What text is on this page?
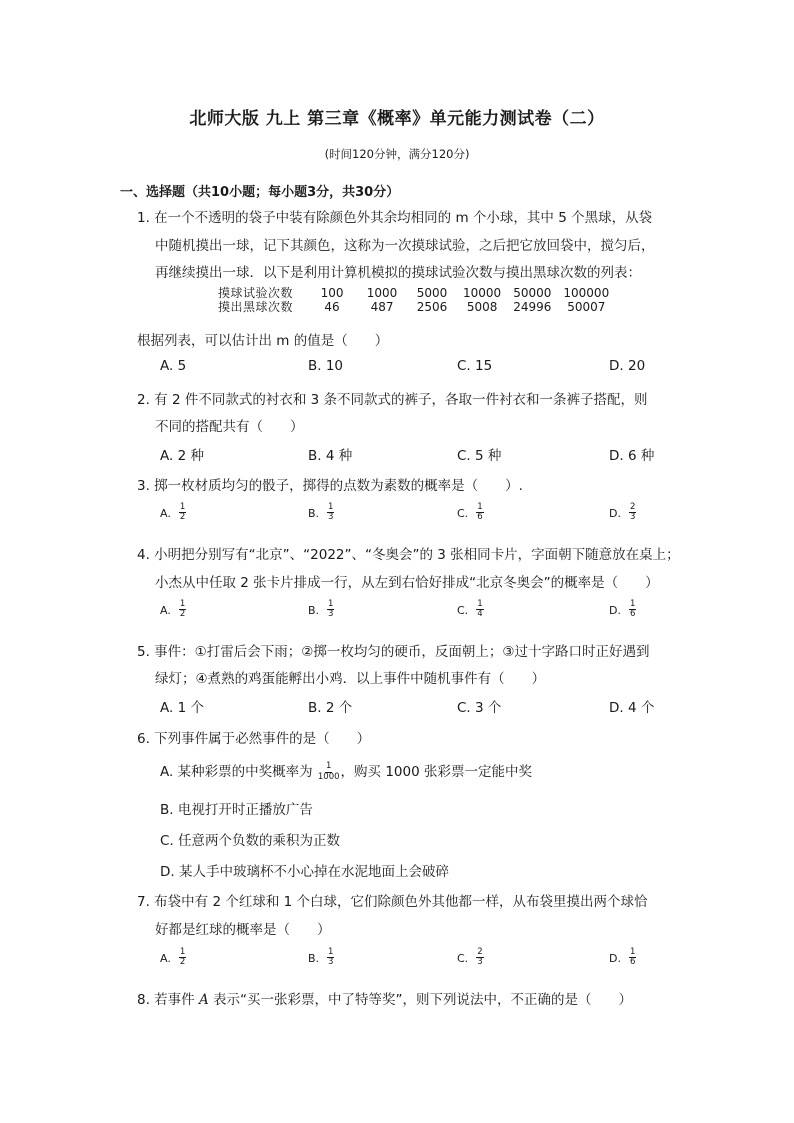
北师大版 九上 第三章《概率》单元能力测试卷（二）
(时间120分钟，满分120分)
一、选择题（共10小题；每小题3分，共30分）
1. 在一个不透明的袋子中装有除颜色外其余均相同的 m 个小球，其中 5 个黑球，从袋
中随机摸出一球，记下其颜色，这称为一次摸球试验，之后把它放回袋中，搅匀后，
再继续摸出一球．以下是利用计算机模拟的摸球试验次数与摸出黑球次数的列表：
摸球试验次数	100	1000	5000	10000	50000	100000
摸出黑球次数	46	487	2506	5008	24996	50007
根据列表，可以估计出 m 的值是（　　）
A. 5	B. 10	C. 15	D. 20
2. 有 2 件不同款式的衬衣和 3 条不同款式的裤子，各取一件衬衣和一条裤子搭配，则
不同的搭配共有（　　）
A. 2 种	B. 4 种	C. 5 种	D. 6 种
3. 掷一枚材质均匀的骰子，掷得的点数为素数的概率是（　　）.
A. $\frac{1}{2}$	B. $\frac{1}{3}$	C. $\frac{1}{6}$	D. $\frac{2}{3}$
4. 小明把分别写有“北京”、“2022”、“冬奥会”的 3 张相同卡片，字面朝下随意放在桌上；
小杰从中任取 2 张卡片排成一行，从左到右恰好排成“北京冬奥会”的概率是（　　）
A. $\frac{1}{2}$	B. $\frac{1}{3}$	C. $\frac{1}{4}$	D. $\frac{1}{6}$
5. 事件：①打雷后会下雨；②掷一枚均匀的硬币，反面朝上；③过十字路口时正好遇到
绿灯；④煮熟的鸡蛋能孵出小鸡．以上事件中随机事件有（　　）
A. 1 个	B. 2 个	C. 3 个	D. 4 个
6. 下列事件属于必然事件的是（　　）
A. 某种彩票的中奖概率为 $\frac{1}{1000}$ ，购买 1000 张彩票一定能中奖
B. 电视打开时正播放广告
C. 任意两个负数的乘积为正数
D. 某人手中玻璃杯不小心掉在水泥地面上会破碎
7. 布袋中有 2 个红球和 1 个白球，它们除颜色外其他都一样，从布袋里摸出两个球恰
好都是红球的概率是（　　）
A. $\frac{1}{2}$	B. $\frac{1}{3}$	C. $\frac{2}{3}$	D. $\frac{1}{6}$
8. 若事件 A 表示“买一张彩票，中了特等奖”，则下列说法中，不正确的是（　　）
